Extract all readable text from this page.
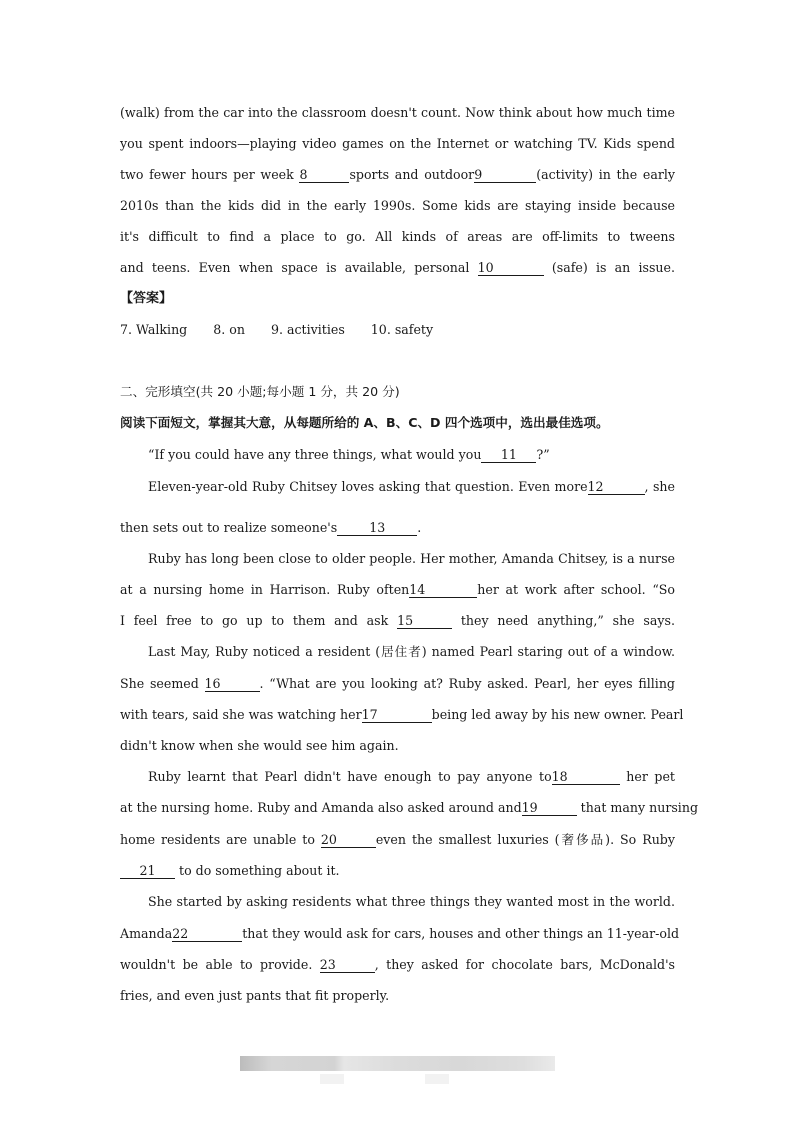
(walk) from the car into the classroom doesn't count. Now think about how much time
you spent indoors—playing video games on the Internet or watching TV. Kids spend
two fewer hours per week 8	sports and outdoor9	(activity) in the early
2010s than the kids did in the early 1990s. Some kids are staying inside because
it's difficult to find a place to go. All kinds of areas are off-limits to tweens
and teens. Even when space is available, personal 10	(safe) is an issue.
【答案】
7. Walking 8. on 9. activities 10. safety
二、完形填空(共 20 小题;每小题 1 分，共 20 分)
阅读下面短文，掌握其大意，从每题所给的 A、B、C、D 四个选项中，选出最佳选项。
“If you could have any three things, what would you 11 ?”
Eleven-year-old Ruby Chitsey loves asking that question. Even more12	, she
then sets out to realize someone's	13	.
Ruby has long been close to older people. Her mother, Amanda Chitsey, is a nurse
at a nursing home in Harrison. Ruby often14	her at work after school. “So
I feel free to go up to them and ask 15	they need anything,” she says.
Last May, Ruby noticed a resident (居住者) named Pearl staring out of a window.
She seemed 16	. “What are you looking at? Ruby asked. Pearl, her eyes filling
with tears, said she was watching her17	being led away by his new owner. Pearl
didn't know when she would see him again.
Ruby learnt that Pearl didn't have enough to pay anyone to18	her pet
at the nursing home. Ruby and Amanda also asked around and19	that many nursing
home residents are unable to 20	even the smallest luxuries (奢侈品). So Ruby
21 to do something about it.
She started by asking residents what three things they wanted most in the world.
Amanda22	that they would ask for cars, houses and other things an 11-year-old
wouldn't be able to provide. 23	, they asked for chocolate bars, McDonald's
fries, and even just pants that fit properly.
